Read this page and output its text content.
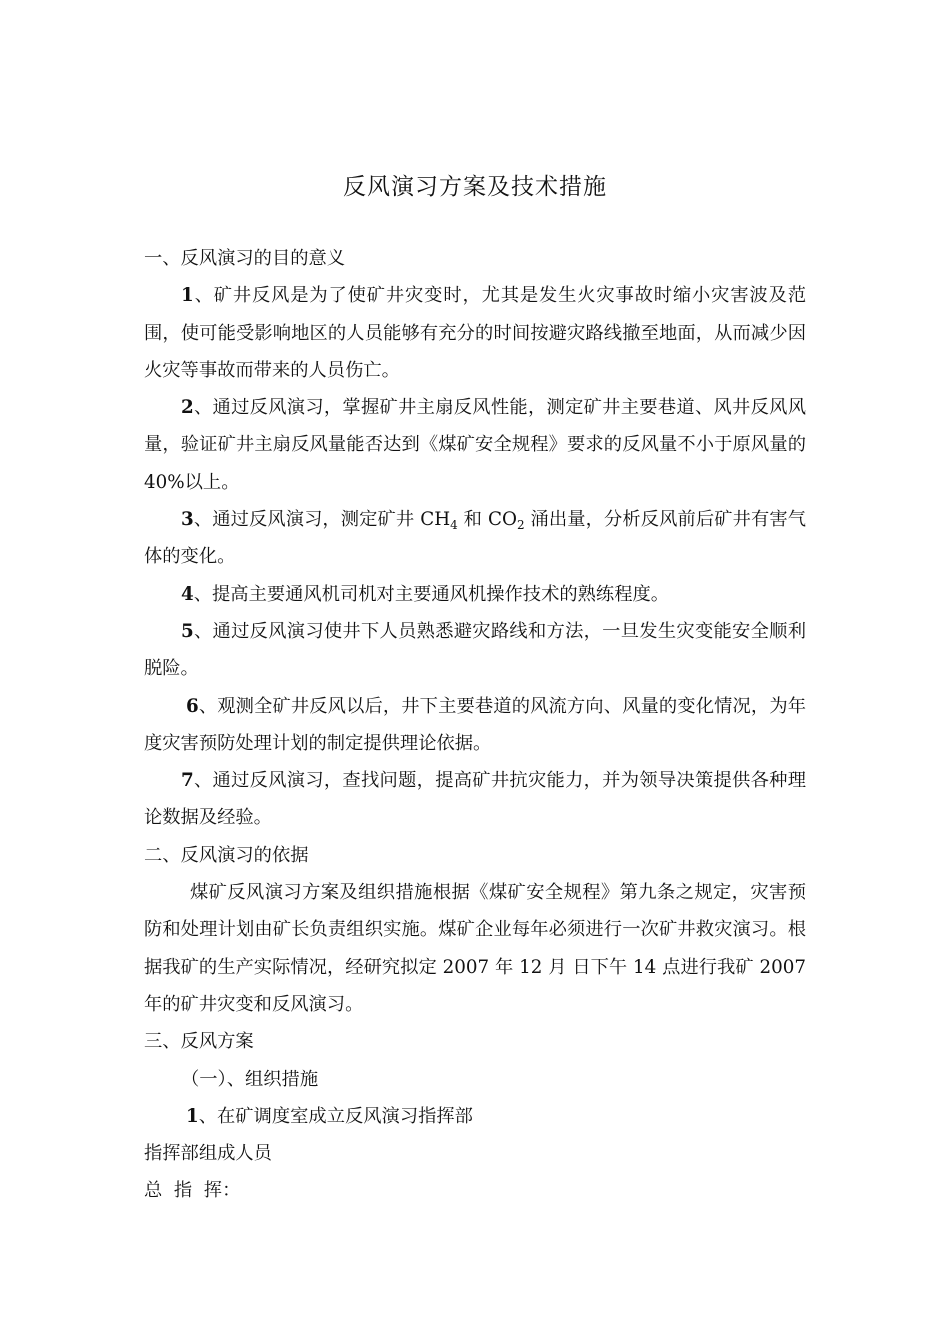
反风演习方案及技术措施

一、反风演习的目的意义

1、矿井反风是为了使矿井灾变时，尤其是发生火灾事故时缩小灾害波及范围，使可能受影响地区的人员能够有充分的时间按避灾路线撤至地面，从而减少因火灾等事故而带来的人员伤亡。

2、通过反风演习，掌握矿井主扇反风性能，测定矿井主要巷道、风井反风风量，验证矿井主扇反风量能否达到《煤矿安全规程》要求的反风量不小于原风量的 40%以上。

3、通过反风演习，测定矿井 $CH_4$ 和 $CO_2$ 涌出量，分析反风前后矿井有害气体的变化。

4、提高主要通风机司机对主要通风机操作技术的熟练程度。

5、通过反风演习使井下人员熟悉避灾路线和方法，一旦发生灾变能安全顺利脱险。

6、观测全矿井反风以后，井下主要巷道的风流方向、风量的变化情况，为年度灾害预防处理计划的制定提供理论依据。

7、通过反风演习，查找问题，提高矿井抗灾能力，并为领导决策提供各种理论数据及经验。

二、反风演习的依据

煤矿反风演习方案及组织措施根据《煤矿安全规程》第九条之规定，灾害预防和处理计划由矿长负责组织实施。煤矿企业每年必须进行一次矿井救灾演习。根据我矿的生产实际情况，经研究拟定 2007 年 12 月 日下午 14 点进行我矿 2007 年的矿井灾变和反风演习。

三、反风方案

（一）、组织措施

1、在矿调度室成立反风演习指挥部

指挥部组成人员

总  指  挥：
